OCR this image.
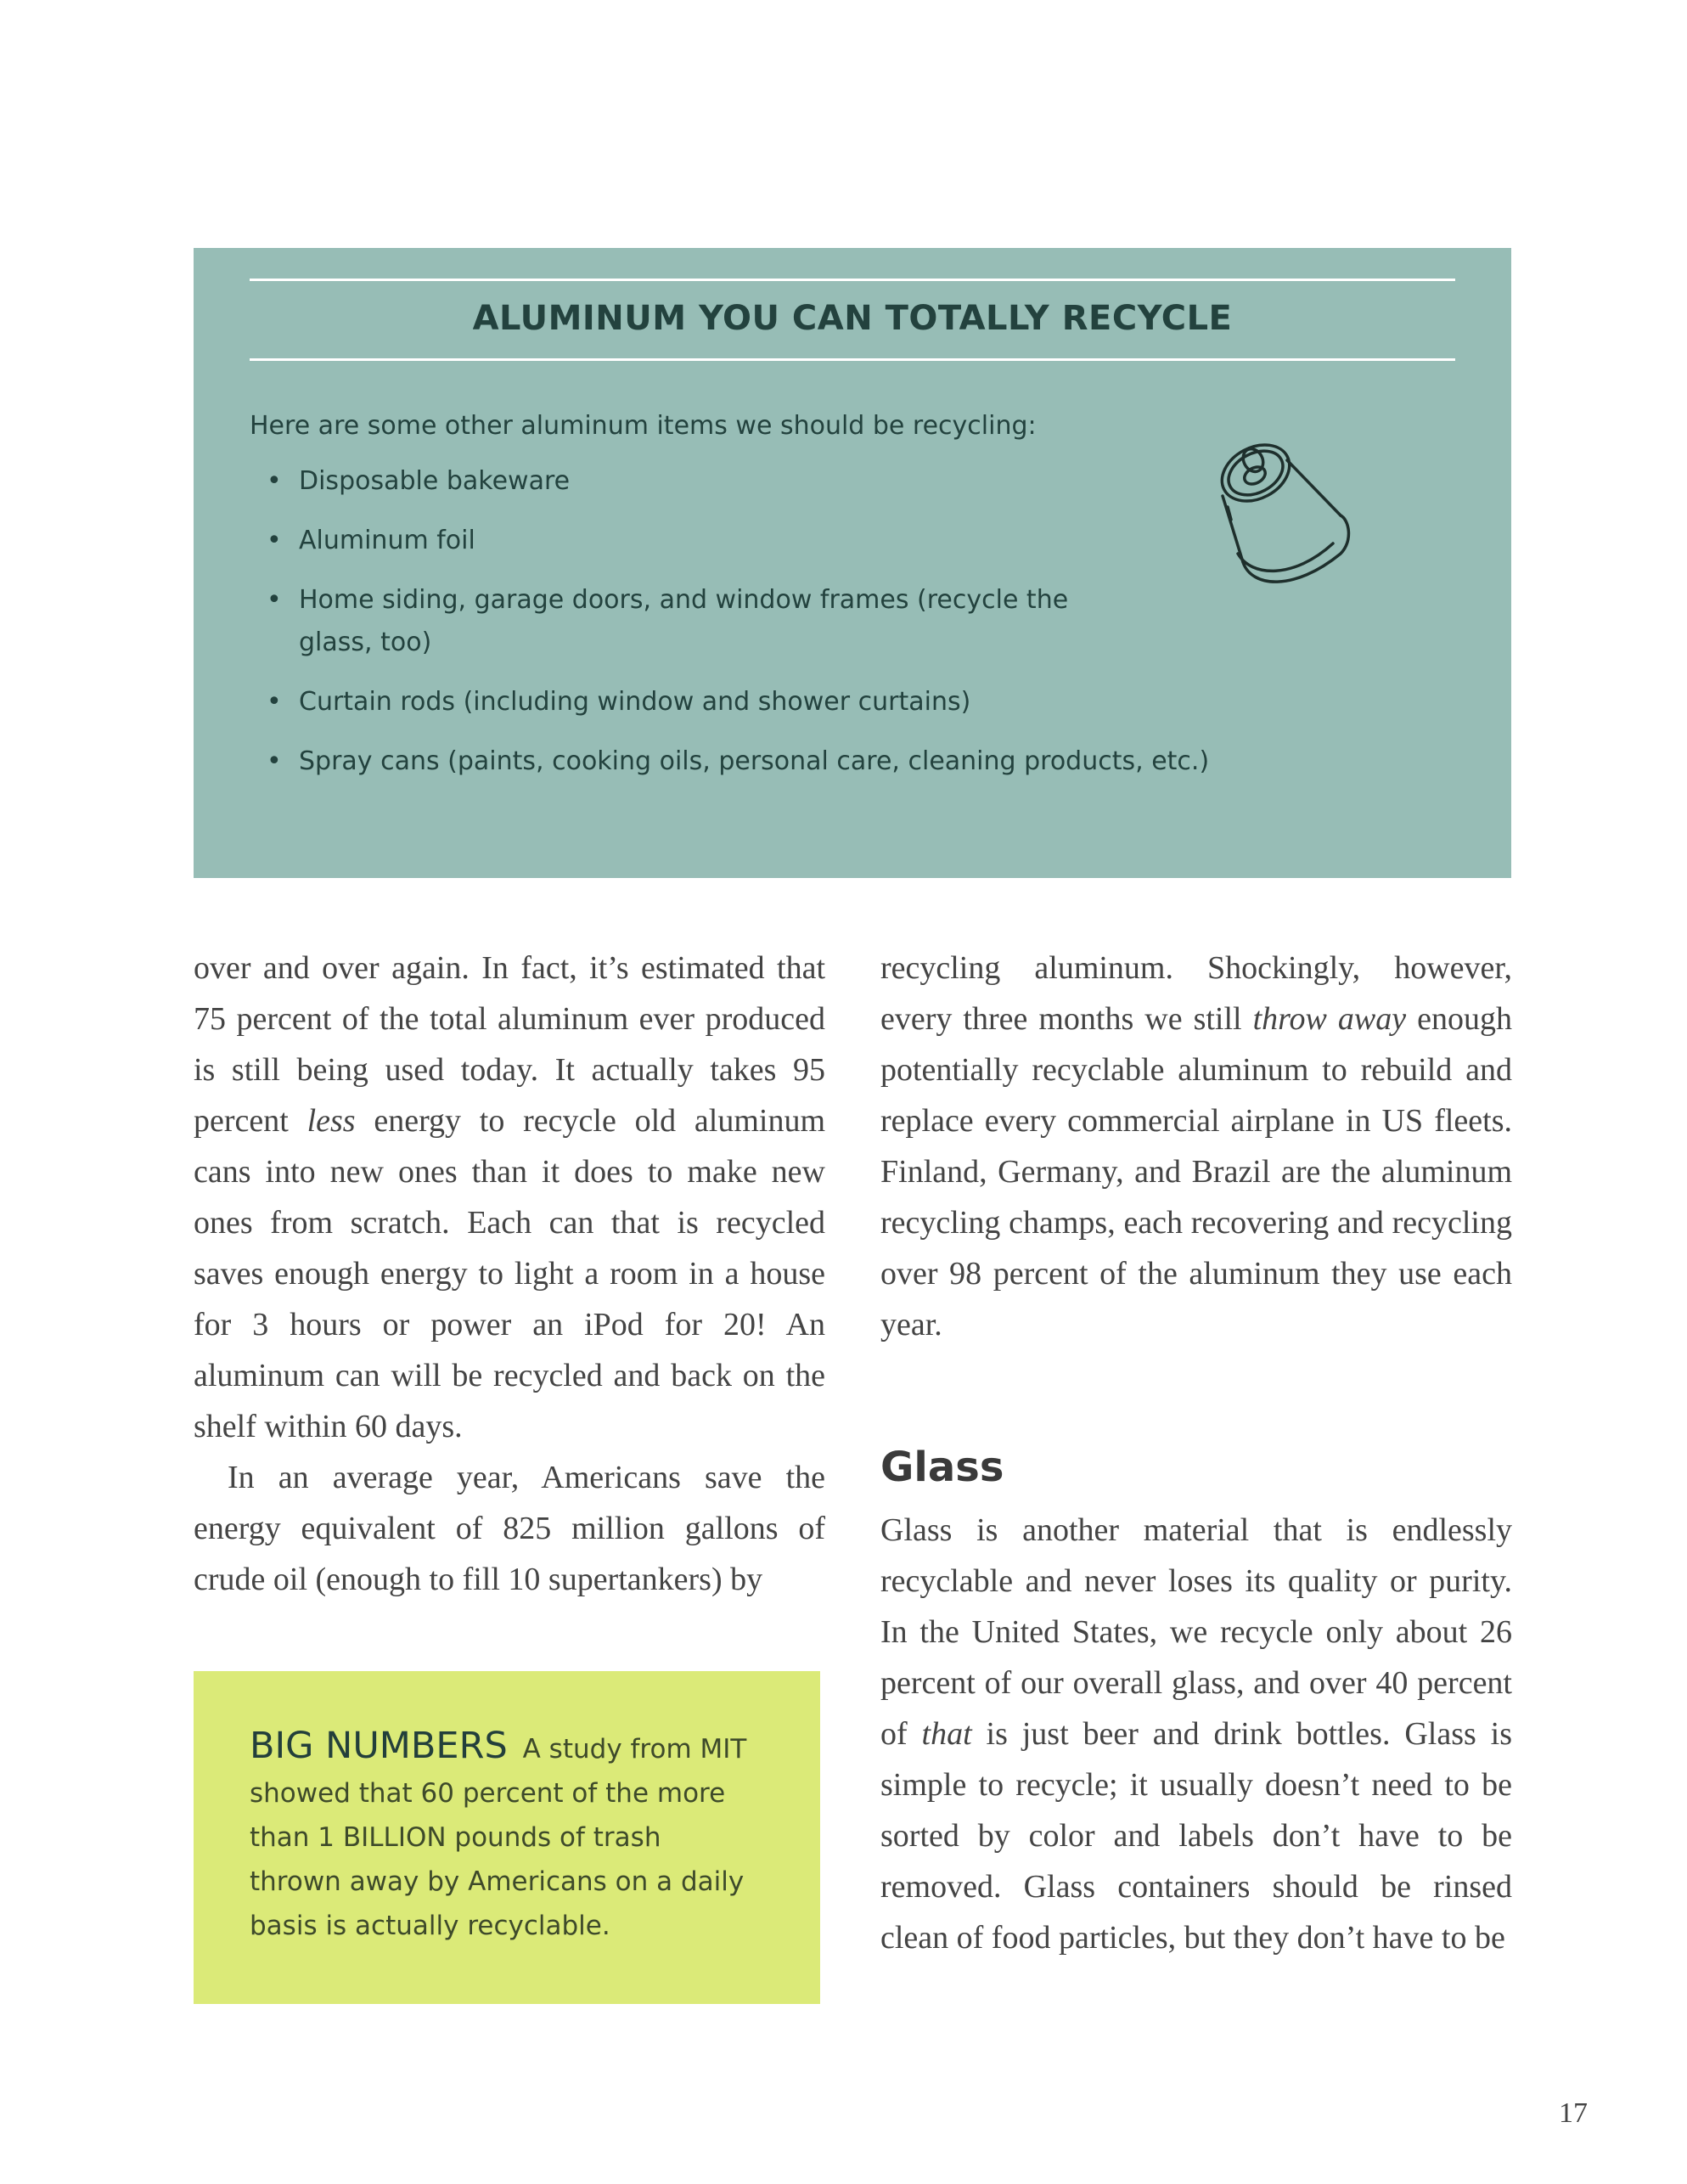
ALUMINUM YOU CAN TOTALLY RECYCLE
Here are some other aluminum items we should be recycling:
• Disposable bakeware
• Aluminum foil
• Home siding, garage doors, and window frames (recycle the glass, too)
• Curtain rods (including window and shower curtains)
• Spray cans (paints, cooking oils, personal care, cleaning products, etc.)

over and over again. In fact, it’s estimated that 75 percent of the total aluminum ever produced is still being used today. It actually takes 95 percent less energy to recycle old aluminum cans into new ones than it does to make new ones from scratch. Each can that is recycled saves enough energy to light a room in a house for 3 hours or power an iPod for 20! An aluminum can will be recycled and back on the shelf within 60 days.

In an average year, Americans save the energy equivalent of 825 million gallons of crude oil (enough to fill 10 supertankers) by

recycling aluminum. Shockingly, however, every three months we still throw away enough potentially recyclable aluminum to rebuild and replace every commercial airplane in US fleets. Finland, Germany, and Brazil are the aluminum recycling champs, each recovering and recycling over 98 percent of the aluminum they use each year.

Glass

Glass is another material that is endlessly recyclable and never loses its quality or purity. In the United States, we recycle only about 26 percent of our overall glass, and over 40 percent of that is just beer and drink bottles. Glass is simple to recycle; it usually doesn’t need to be sorted by color and labels don’t have to be removed. Glass containers should be rinsed clean of food particles, but they don’t have to be

BIG NUMBERS A study from MIT showed that 60 percent of the more than 1 BILLION pounds of trash thrown away by Americans on a daily basis is actually recyclable.
17
